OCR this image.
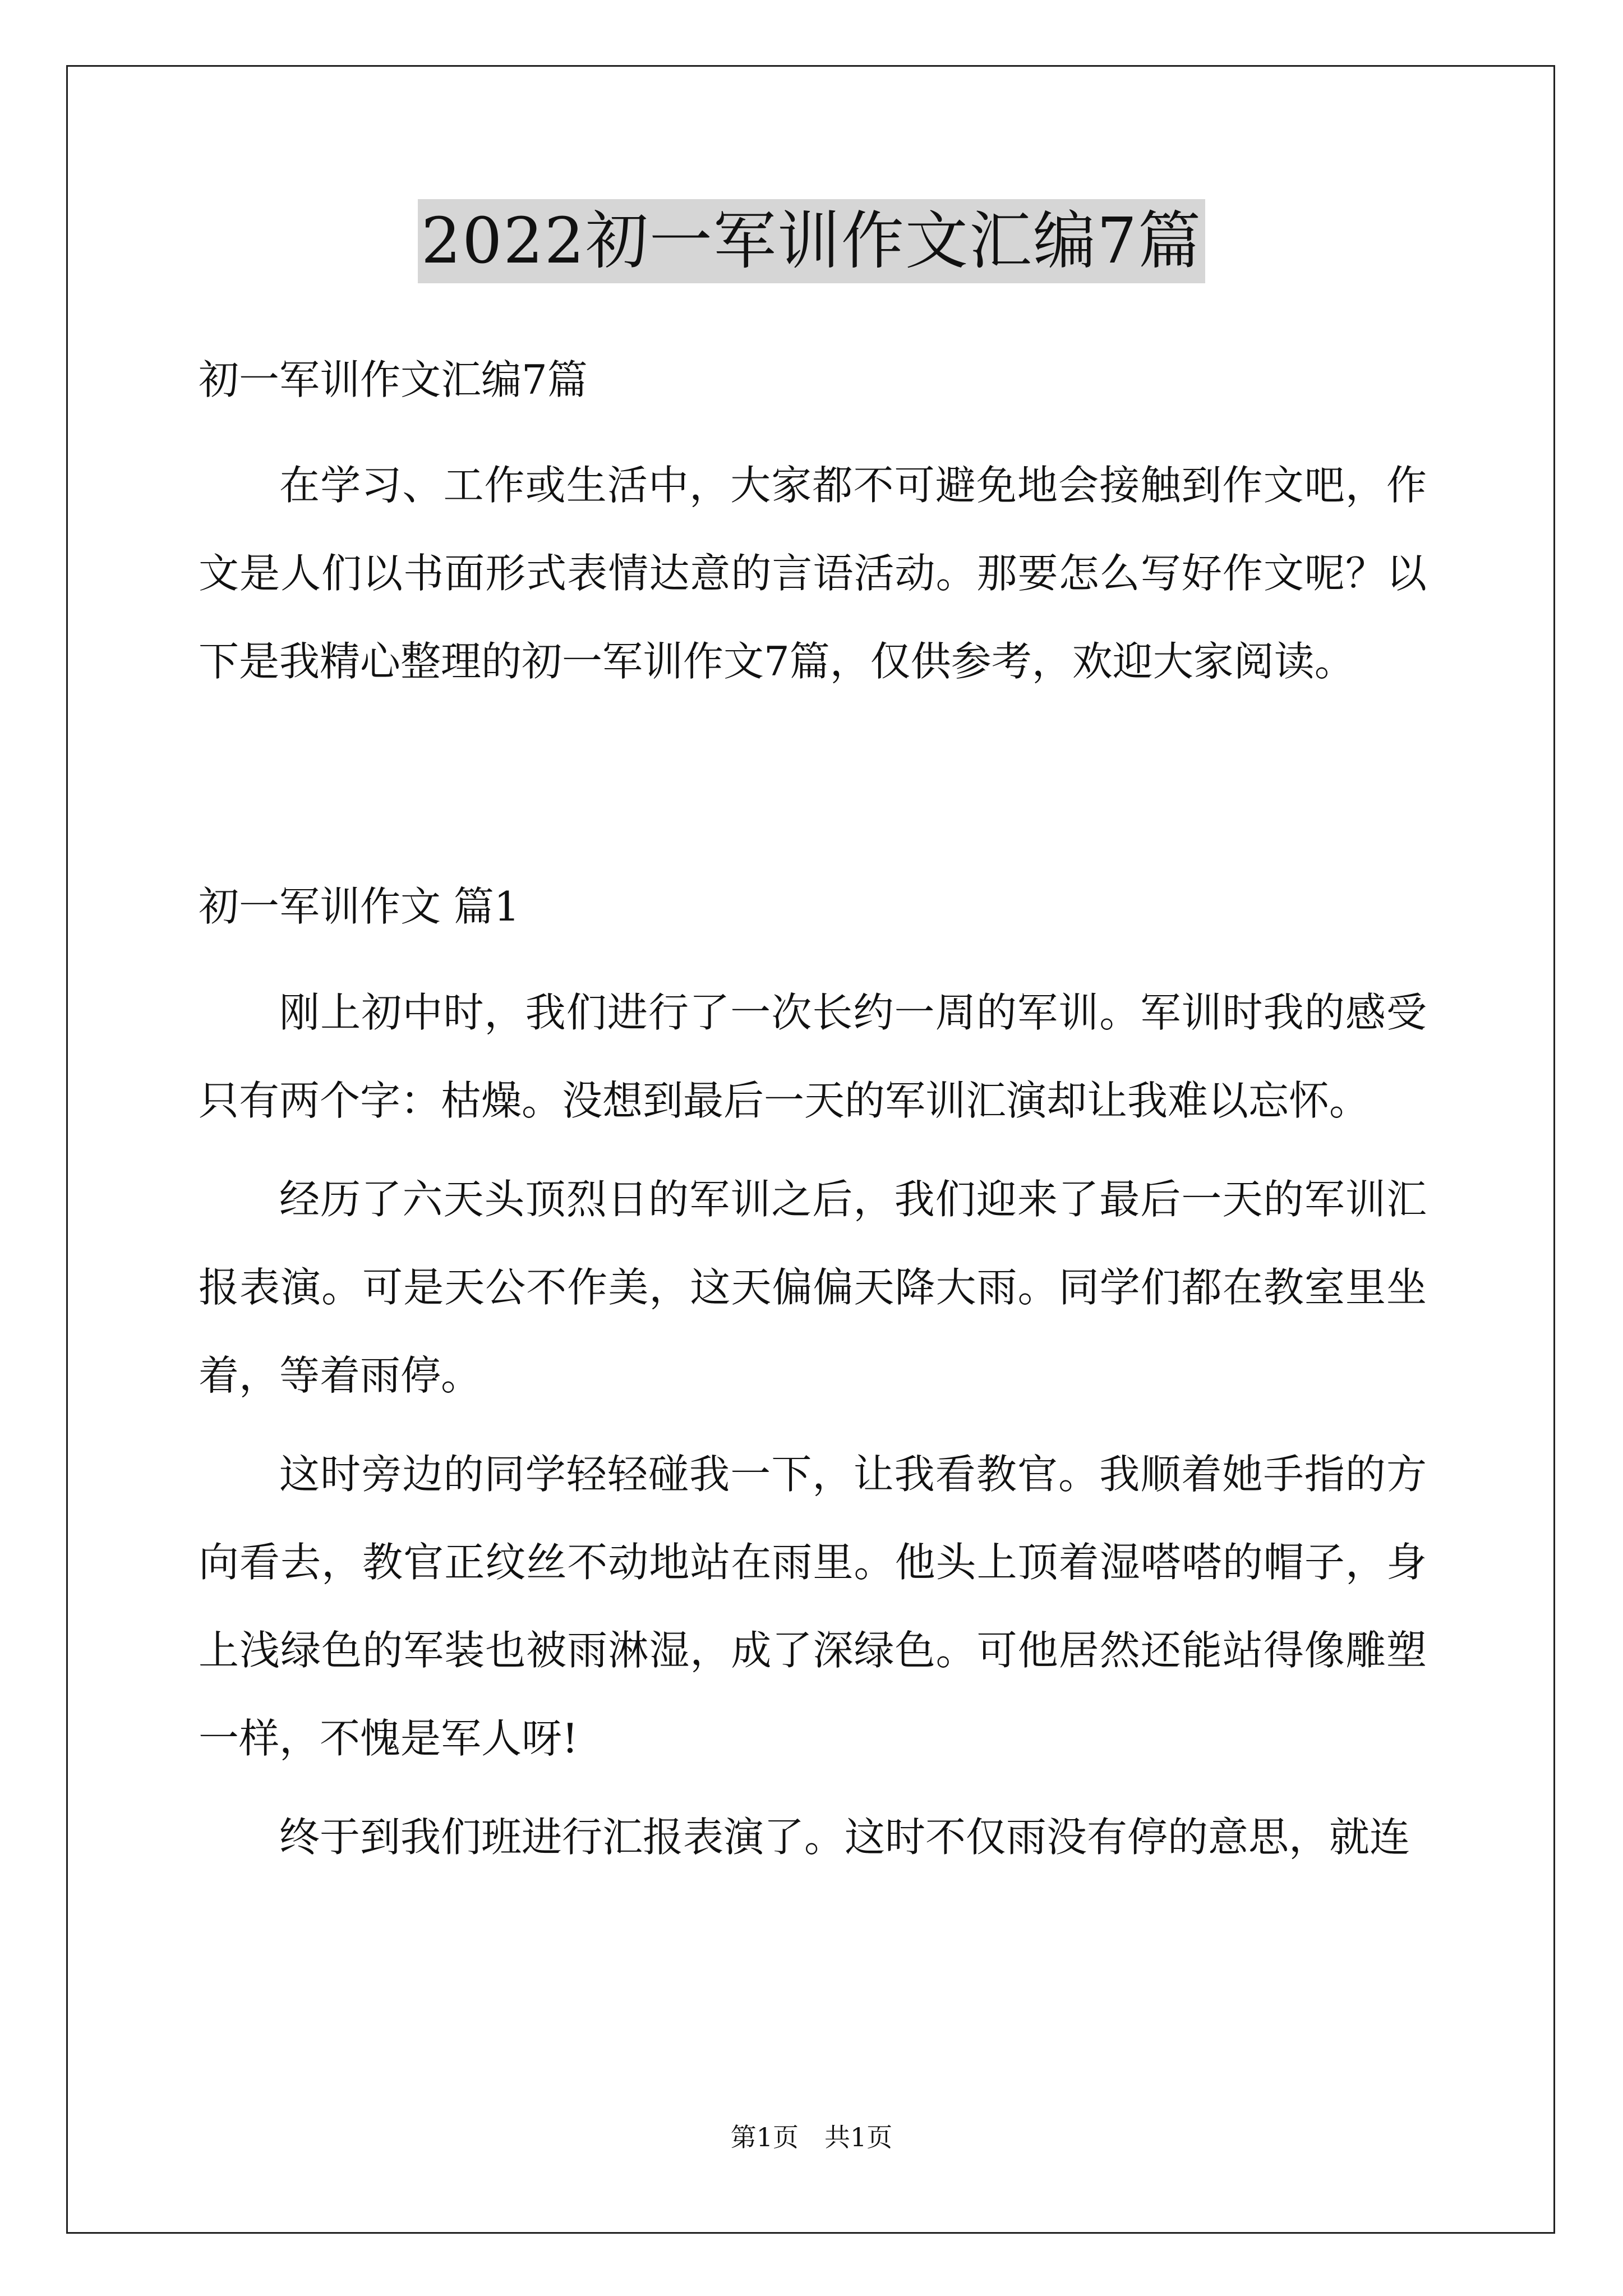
2022初一军训作文汇编7篇
初一军训作文汇编7篇

在学习、工作或生活中，大家都不可避免地会接触到作文吧，作文是人们以书面形式表情达意的言语活动。那要怎么写好作文呢？以下是我精心整理的初一军训作文7篇，仅供参考，欢迎大家阅读。

初一军训作文 篇1

刚上初中时，我们进行了一次长约一周的军训。军训时我的感受只有两个字：枯燥。没想到最后一天的军训汇演却让我难以忘怀。

经历了六天头顶烈日的军训之后，我们迎来了最后一天的军训汇报表演。可是天公不作美，这天偏偏天降大雨。同学们都在教室里坐着，等着雨停。

这时旁边的同学轻轻碰我一下，让我看教官。我顺着她手指的方向看去，教官正纹丝不动地站在雨里。他头上顶着湿嗒嗒的帽子，身上浅绿色的军装也被雨淋湿，成了深绿色。可他居然还能站得像雕塑一样，不愧是军人呀!

终于到我们班进行汇报表演了。这时不仅雨没有停的意思，就连

第1页 共1页
